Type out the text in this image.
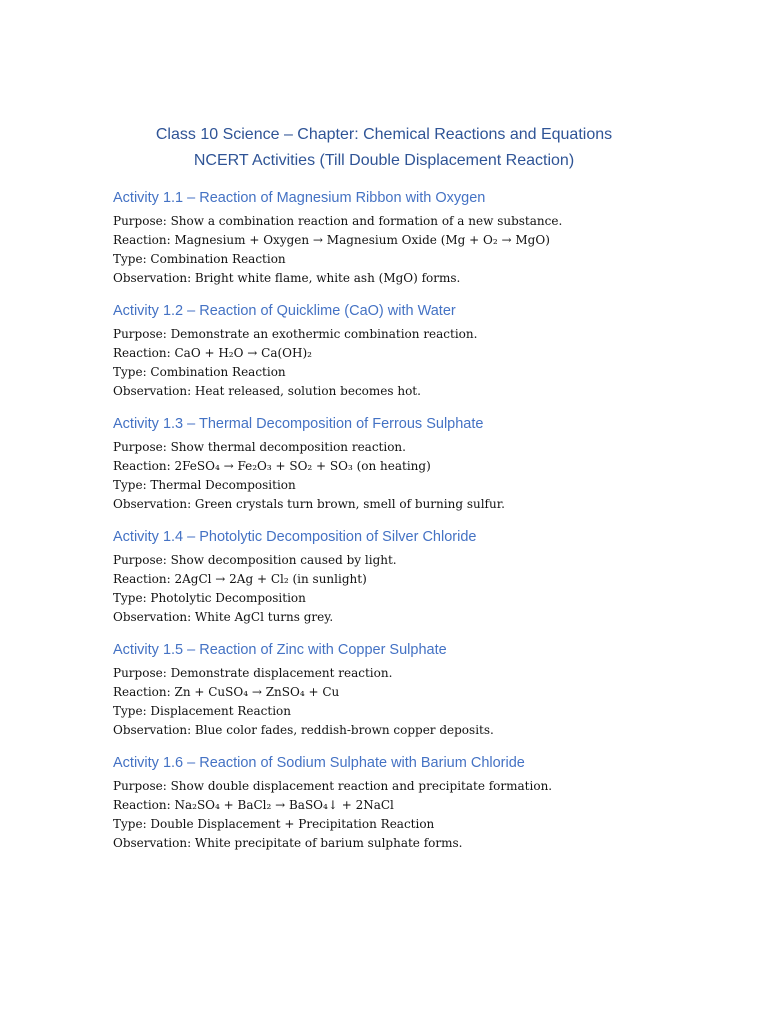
Class 10 Science – Chapter: Chemical Reactions and Equations
NCERT Activities (Till Double Displacement Reaction)
Activity 1.1 – Reaction of Magnesium Ribbon with Oxygen
Purpose: Show a combination reaction and formation of a new substance.
Reaction: Magnesium + Oxygen → Magnesium Oxide (Mg + O₂ → MgO)
Type: Combination Reaction
Observation: Bright white flame, white ash (MgO) forms.
Activity 1.2 – Reaction of Quicklime (CaO) with Water
Purpose: Demonstrate an exothermic combination reaction.
Reaction: CaO + H₂O → Ca(OH)₂
Type: Combination Reaction
Observation: Heat released, solution becomes hot.
Activity 1.3 – Thermal Decomposition of Ferrous Sulphate
Purpose: Show thermal decomposition reaction.
Reaction: 2FeSO₄ → Fe₂O₃ + SO₂ + SO₃ (on heating)
Type: Thermal Decomposition
Observation: Green crystals turn brown, smell of burning sulfur.
Activity 1.4 – Photolytic Decomposition of Silver Chloride
Purpose: Show decomposition caused by light.
Reaction: 2AgCl → 2Ag + Cl₂ (in sunlight)
Type: Photolytic Decomposition
Observation: White AgCl turns grey.
Activity 1.5 – Reaction of Zinc with Copper Sulphate
Purpose: Demonstrate displacement reaction.
Reaction: Zn + CuSO₄ → ZnSO₄ + Cu
Type: Displacement Reaction
Observation: Blue color fades, reddish-brown copper deposits.
Activity 1.6 – Reaction of Sodium Sulphate with Barium Chloride
Purpose: Show double displacement reaction and precipitate formation.
Reaction: Na₂SO₄ + BaCl₂ → BaSO₄↓ + 2NaCl
Type: Double Displacement + Precipitation Reaction
Observation: White precipitate of barium sulphate forms.
